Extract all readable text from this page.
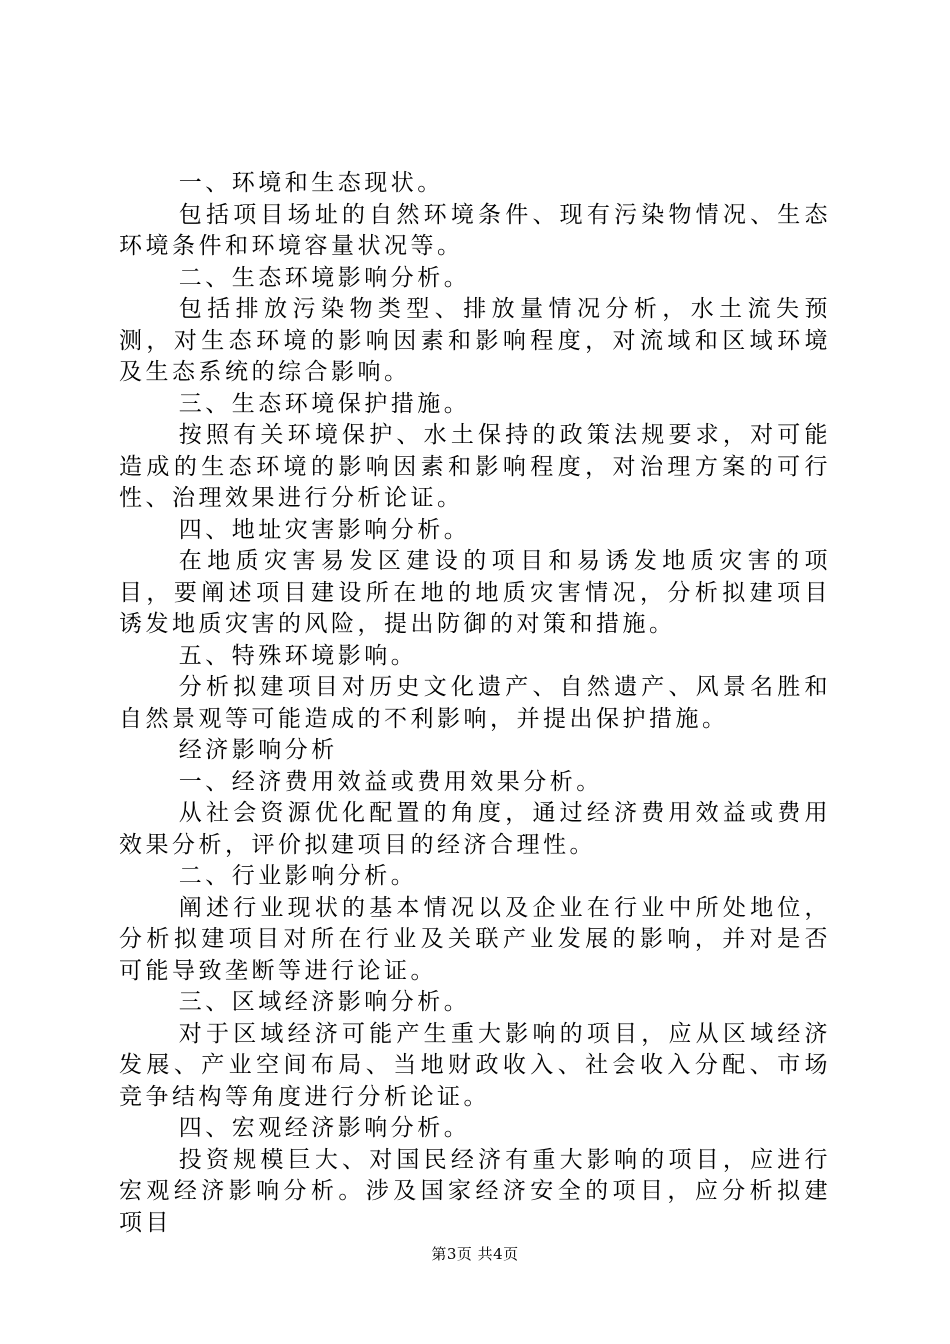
一、环境和生态现状。

包括项目场址的自然环境条件、现有污染物情况、生态环境条件和环境容量状况等。

二、生态环境影响分析。

包括排放污染物类型、排放量情况分析，水土流失预测，对生态环境的影响因素和影响程度，对流域和区域环境及生态系统的综合影响。

三、生态环境保护措施。

按照有关环境保护、水土保持的政策法规要求，对可能造成的生态环境的影响因素和影响程度，对治理方案的可行性、治理效果进行分析论证。

四、地址灾害影响分析。

在地质灾害易发区建设的项目和易诱发地质灾害的项目，要阐述项目建设所在地的地质灾害情况，分析拟建项目诱发地质灾害的风险，提出防御的对策和措施。

五、特殊环境影响。

分析拟建项目对历史文化遗产、自然遗产、风景名胜和自然景观等可能造成的不利影响，并提出保护措施。

经济影响分析

一、经济费用效益或费用效果分析。

从社会资源优化配置的角度，通过经济费用效益或费用效果分析，评价拟建项目的经济合理性。

二、行业影响分析。

阐述行业现状的基本情况以及企业在行业中所处地位，分析拟建项目对所在行业及关联产业发展的影响，并对是否可能导致垄断等进行论证。

三、区域经济影响分析。

对于区域经济可能产生重大影响的项目，应从区域经济发展、产业空间布局、当地财政收入、社会收入分配、市场竞争结构等角度进行分析论证。

四、宏观经济影响分析。

投资规模巨大、对国民经济有重大影响的项目，应进行宏观经济影响分析。涉及国家经济安全的项目，应分析拟建项目

第3页 共4页
